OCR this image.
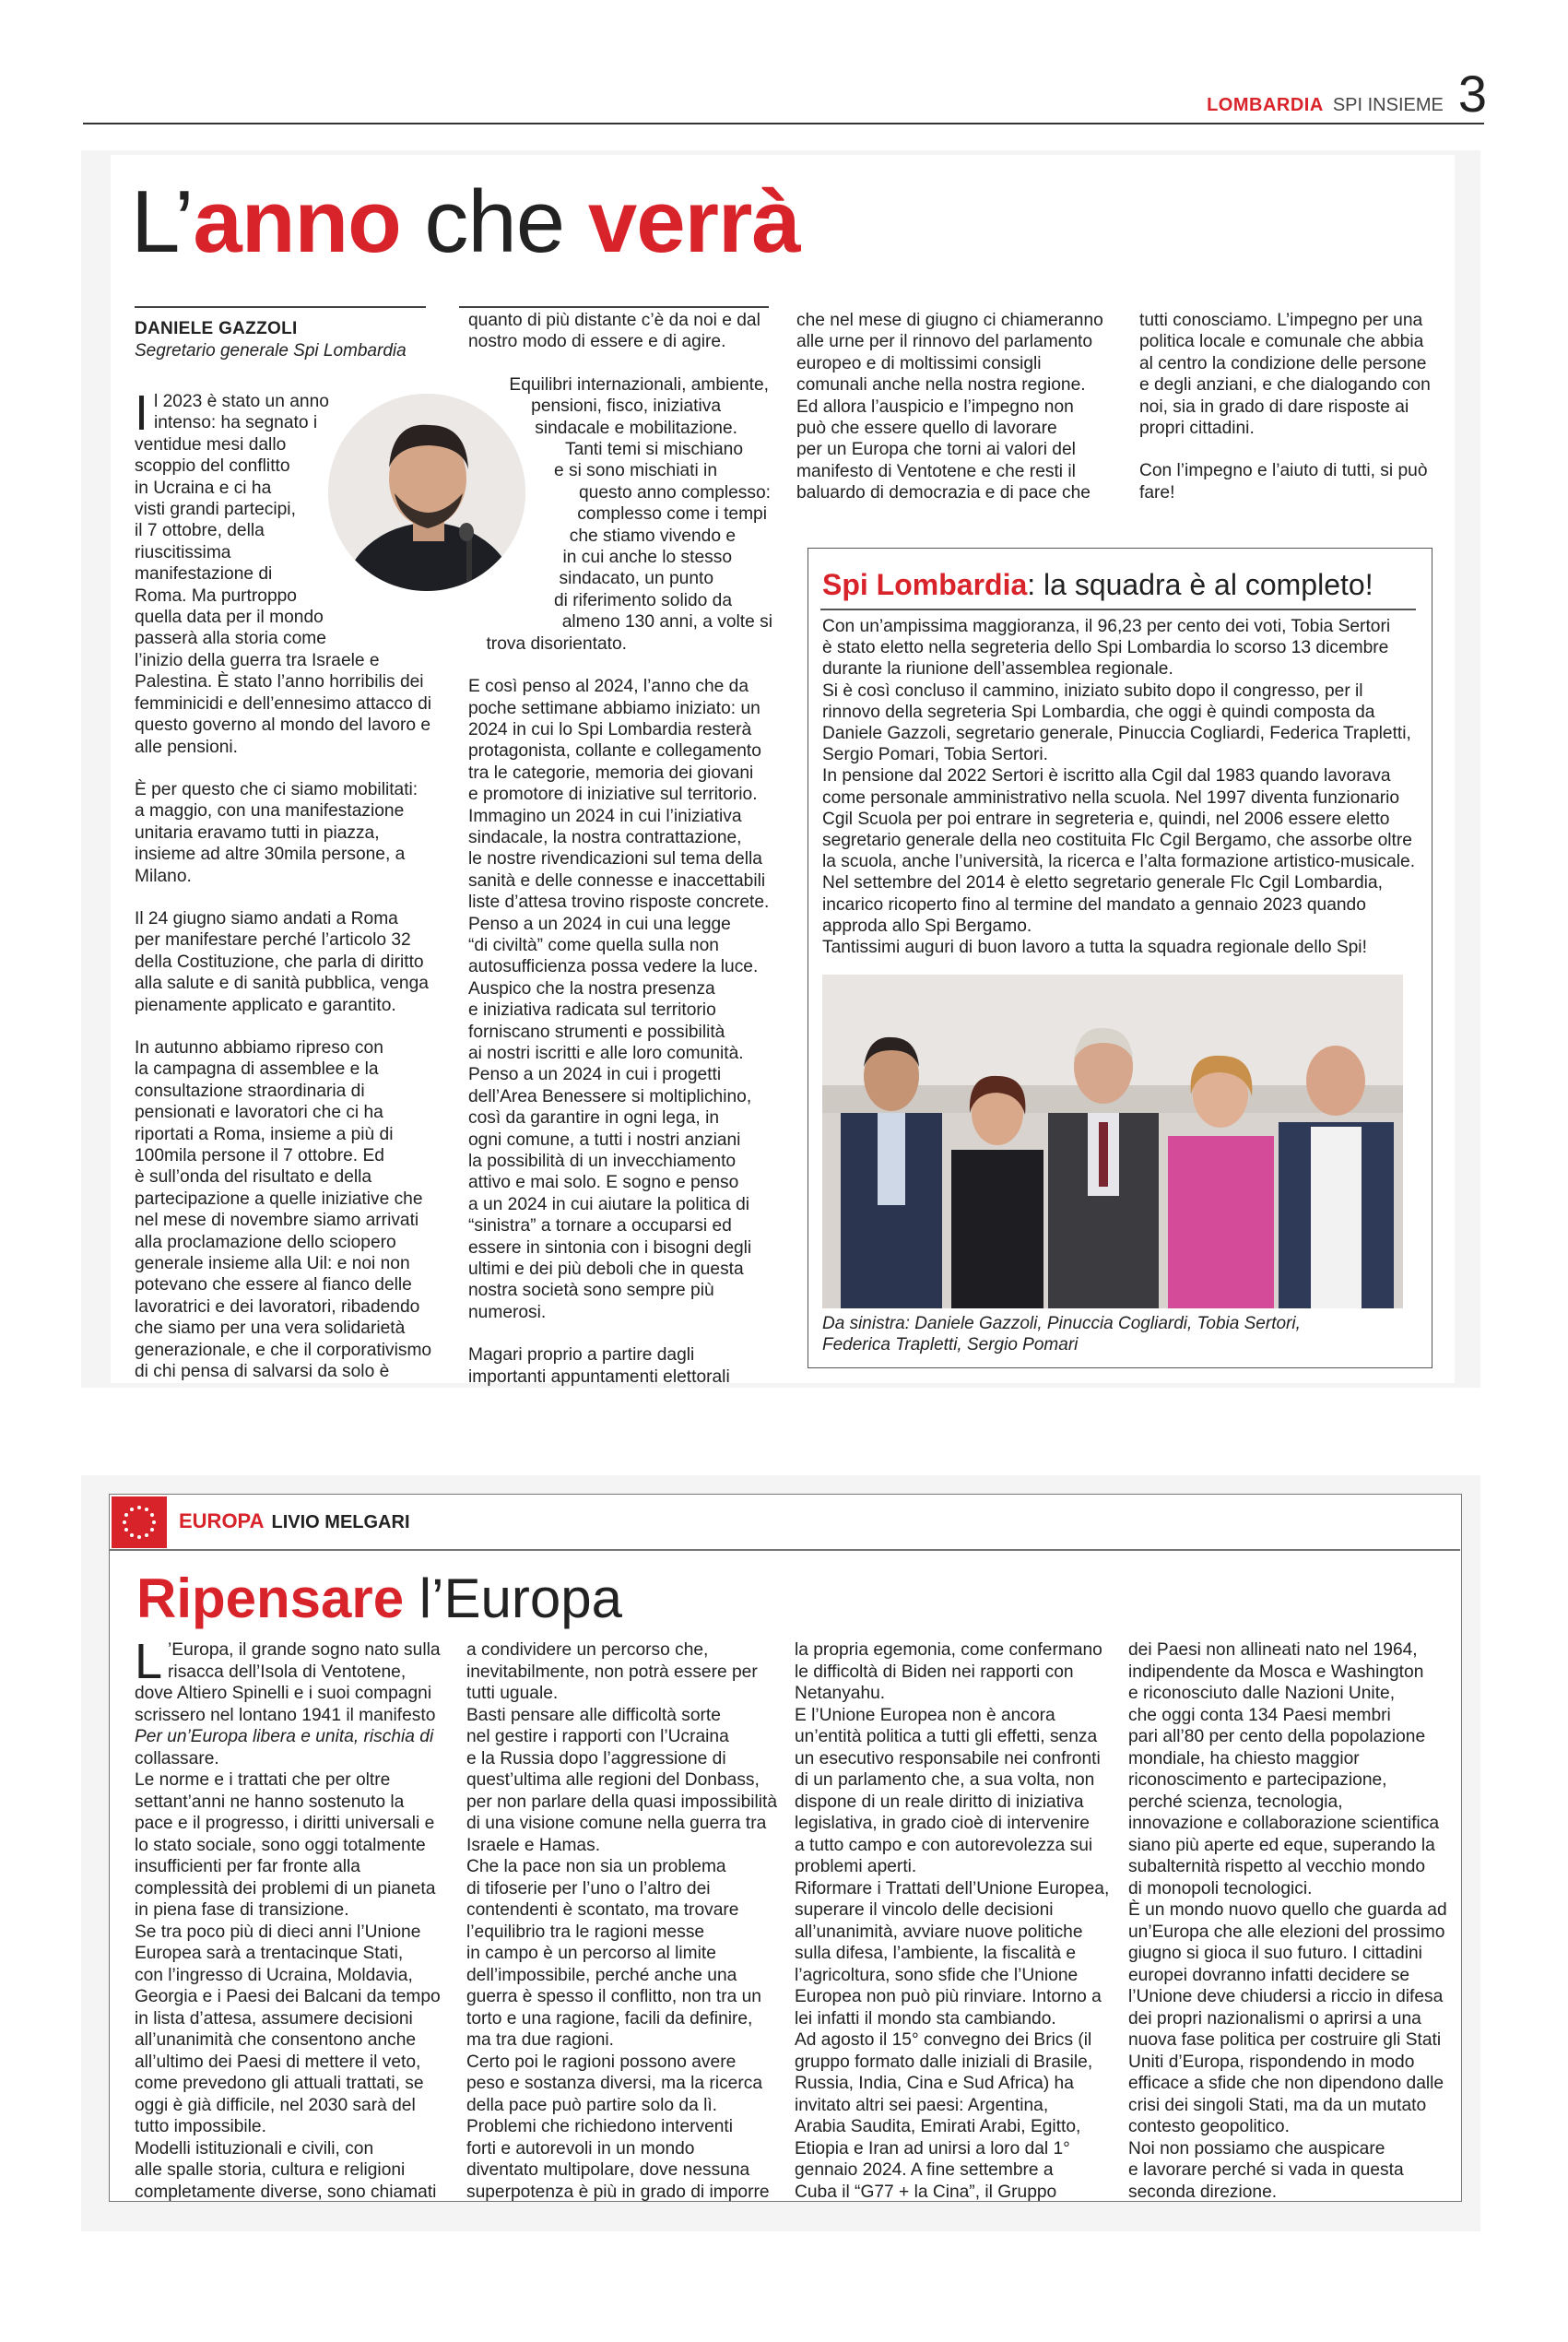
LOMBARDIA SPI INSIEME 3
L’anno che verrà
DANIELE GAZZOLI
Segretario generale Spi Lombardia

I l 2023 è stato un anno
intenso: ha segnato i
ventidue mesi dallo
scoppio del conflitto
in Ucraina e ci ha
visti grandi partecipi,
il 7 ottobre, della
riuscitissima
manifestazione di
Roma. Ma purtroppo
quella data per il mondo
passerà alla storia come
l’inizio della guerra tra Israele e
Palestina. È stato l’anno horribilis dei
femminicidi e dell’ennesimo attacco di
questo governo al mondo del lavoro e
alle pensioni.

È per questo che ci siamo mobilitati:
a maggio, con una manifestazione
unitaria eravamo tutti in piazza,
insieme ad altre 30mila persone, a
Milano.

Il 24 giugno siamo andati a Roma
per manifestare perché l’articolo 32
della Costituzione, che parla di diritto
alla salute e di sanità pubblica, venga
pienamente applicato e garantito.

In autunno abbiamo ripreso con
la campagna di assemblee e la
consultazione straordinaria di
pensionati e lavoratori che ci ha
riportati a Roma, insieme a più di
100mila persone il 7 ottobre. Ed
è sull’onda del risultato e della
partecipazione a quelle iniziative che
nel mese di novembre siamo arrivati
alla proclamazione dello sciopero
generale insieme alla Uil: e noi non
potevano che essere al fianco delle
lavoratrici e dei lavoratori, ribadendo
che siamo per una vera solidarietà
generazionale, e che il corporativismo
di chi pensa di salvarsi da solo è

quanto di più distante c’è da noi e dal
nostro modo di essere e di agire.

Equilibri internazionali, ambiente,
pensioni, fisco, iniziativa
sindacale e mobilitazione.
Tanti temi si mischiano
e si sono mischiati in
questo anno complesso:
complesso come i tempi
che stiamo vivendo e
in cui anche lo stesso
sindacato, un punto
di riferimento solido da
almeno 130 anni, a volte si
trova disorientato.

E così penso al 2024, l’anno che da
poche settimane abbiamo iniziato: un
2024 in cui lo Spi Lombardia resterà
protagonista, collante e collegamento
tra le categorie, memoria dei giovani
e promotore di iniziative sul territorio.
Immagino un 2024 in cui l’iniziativa
sindacale, la nostra contrattazione,
le nostre rivendicazioni sul tema della
sanità e delle connesse e inaccettabili
liste d’attesa trovino risposte concrete.
Penso a un 2024 in cui una legge
“di civiltà” come quella sulla non
autosufficienza possa vedere la luce.
Auspico che la nostra presenza
e iniziativa radicata sul territorio
forniscano strumenti e possibilità
ai nostri iscritti e alle loro comunità.
Penso a un 2024 in cui i progetti
dell’Area Benessere si moltiplichino,
così da garantire in ogni lega, in
ogni comune, a tutti i nostri anziani
la possibilità di un invecchiamento
attivo e mai solo. E sogno e penso
a un 2024 in cui aiutare la politica di
“sinistra” a tornare a occuparsi ed
essere in sintonia con i bisogni degli
ultimi e dei più deboli che in questa
nostra società sono sempre più
numerosi.

Magari proprio a partire dagli
importanti appuntamenti elettorali

che nel mese di giugno ci chiameranno
alle urne per il rinnovo del parlamento
europeo e di moltissimi consigli
comunali anche nella nostra regione.
Ed allora l’auspicio e l’impegno non
può che essere quello di lavorare
per un Europa che torni ai valori del
manifesto di Ventotene e che resti il
baluardo di democrazia e di pace che

tutti conosciamo. L’impegno per una
politica locale e comunale che abbia
al centro la condizione delle persone
e degli anziani, e che dialogando con
noi, sia in grado di dare risposte ai
propri cittadini.

Con l’impegno e l’aiuto di tutti, si può
fare!

Spi Lombardia: la squadra è al completo!

Con un’ampissima maggioranza, il 96,23 per cento dei voti, Tobia Sertori
è stato eletto nella segreteria dello Spi Lombardia lo scorso 13 dicembre
durante la riunione dell’assemblea regionale.
Si è così concluso il cammino, iniziato subito dopo il congresso, per il
rinnovo della segreteria Spi Lombardia, che oggi è quindi composta da
Daniele Gazzoli, segretario generale, Pinuccia Cogliardi, Federica Trapletti,
Sergio Pomari, Tobia Sertori.
In pensione dal 2022 Sertori è iscritto alla Cgil dal 1983 quando lavorava
come personale amministrativo nella scuola. Nel 1997 diventa funzionario
Cgil Scuola per poi entrare in segreteria e, quindi, nel 2006 essere eletto
segretario generale della neo costituita Flc Cgil Bergamo, che assorbe oltre
la scuola, anche l’università, la ricerca e l’alta formazione artistico-musicale.
Nel settembre del 2014 è eletto segretario generale Flc Cgil Lombardia,
incarico ricoperto fino al termine del mandato a gennaio 2023 quando
approda allo Spi Bergamo.
Tantissimi auguri di buon lavoro a tutta la squadra regionale dello Spi!

Da sinistra: Daniele Gazzoli, Pinuccia Cogliardi, Tobia Sertori,
Federica Trapletti, Sergio Pomari

EUROPA LIVIO MELGARI
Ripensare l’Europa

L ’Europa, il grande sogno nato sulla
risacca dell’Isola di Ventotene,
dove Altiero Spinelli e i suoi compagni
scrissero nel lontano 1941 il manifesto
Per un’Europa libera e unita, rischia di
collassare.
Le norme e i trattati che per oltre
settant’anni ne hanno sostenuto la
pace e il progresso, i diritti universali e
lo stato sociale, sono oggi totalmente
insufficienti per far fronte alla
complessità dei problemi di un pianeta
in piena fase di transizione.
Se tra poco più di dieci anni l’Unione
Europea sarà a trentacinque Stati,
con l’ingresso di Ucraina, Moldavia,
Georgia e i Paesi dei Balcani da tempo
in lista d’attesa, assumere decisioni
all’unanimità che consentono anche
all’ultimo dei Paesi di mettere il veto,
come prevedono gli attuali trattati, se
oggi è già difficile, nel 2030 sarà del
tutto impossibile.
Modelli istituzionali e civili, con
alle spalle storia, cultura e religioni
completamente diverse, sono chiamati

a condividere un percorso che,
inevitabilmente, non potrà essere per
tutti uguale.
Basti pensare alle difficoltà sorte
nel gestire i rapporti con l’Ucraina
e la Russia dopo l’aggressione di
quest’ultima alle regioni del Donbass,
per non parlare della quasi impossibilità
di una visione comune nella guerra tra
Israele e Hamas.
Che la pace non sia un problema
di tifoserie per l’uno o l’altro dei
contendenti è scontato, ma trovare
l’equilibrio tra le ragioni messe
in campo è un percorso al limite
dell’impossibile, perché anche una
guerra è spesso il conflitto, non tra un
torto e una ragione, facili da definire,
ma tra due ragioni.
Certo poi le ragioni possono avere
peso e sostanza diversi, ma la ricerca
della pace può partire solo da lì.
Problemi che richiedono interventi
forti e autorevoli in un mondo
diventato multipolare, dove nessuna
superpotenza è più in grado di imporre

la propria egemonia, come confermano
le difficoltà di Biden nei rapporti con
Netanyahu.
E l’Unione Europea non è ancora
un’entità politica a tutti gli effetti, senza
un esecutivo responsabile nei confronti
di un parlamento che, a sua volta, non
dispone di un reale diritto di iniziativa
legislativa, in grado cioè di intervenire
a tutto campo e con autorevolezza sui
problemi aperti.
Riformare i Trattati dell’Unione Europea,
superare il vincolo delle decisioni
all’unanimità, avviare nuove politiche
sulla difesa, l’ambiente, la fiscalità e
l’agricoltura, sono sfide che l’Unione
Europea non può più rinviare. Intorno a
lei infatti il mondo sta cambiando.
Ad agosto il 15° convegno dei Brics (il
gruppo formato dalle iniziali di Brasile,
Russia, India, Cina e Sud Africa) ha
invitato altri sei paesi: Argentina,
Arabia Saudita, Emirati Arabi, Egitto,
Etiopia e Iran ad unirsi a loro dal 1°
gennaio 2024. A fine settembre a
Cuba il “G77 + la Cina”, il Gruppo

dei Paesi non allineati nato nel 1964,
indipendente da Mosca e Washington
e riconosciuto dalle Nazioni Unite,
che oggi conta 134 Paesi membri
pari all’80 per cento della popolazione
mondiale, ha chiesto maggior
riconoscimento e partecipazione,
perché scienza, tecnologia,
innovazione e collaborazione scientifica
siano più aperte ed eque, superando la
subalternità rispetto al vecchio mondo
di monopoli tecnologici.
È un mondo nuovo quello che guarda ad
un’Europa che alle elezioni del prossimo
giugno si gioca il suo futuro. I cittadini
europei dovranno infatti decidere se
l’Unione deve chiudersi a riccio in difesa
dei propri nazionalismi o aprirsi a una
nuova fase politica per costruire gli Stati
Uniti d’Europa, rispondendo in modo
efficace a sfide che non dipendono dalle
crisi dei singoli Stati, ma da un mutato
contesto geopolitico.
Noi non possiamo che auspicare
e lavorare perché si vada in questa
seconda direzione.
